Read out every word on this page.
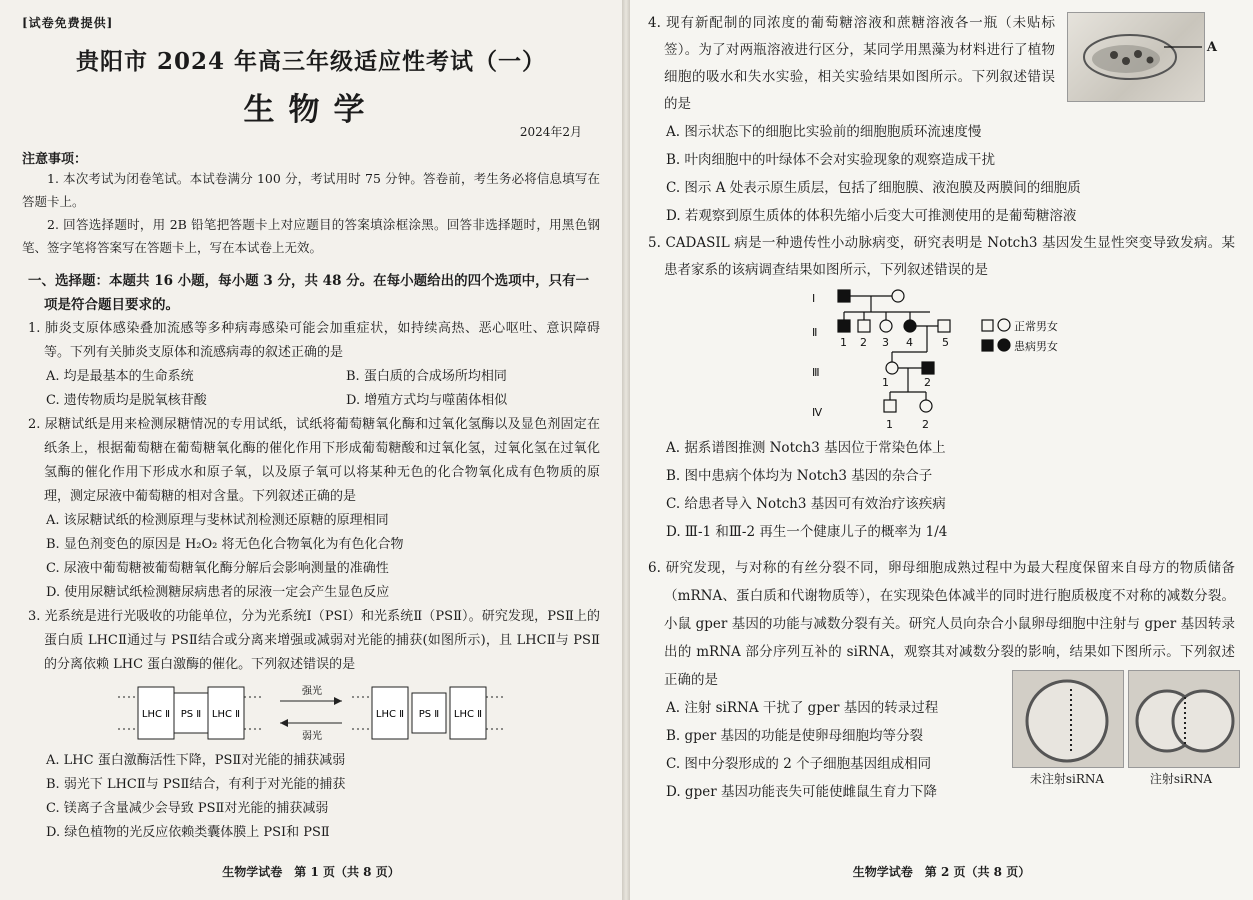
[试卷免费提供]
贵阳市 2024 年高三年级适应性考试（一）
生物学
2024年2月
注意事项：

1. 本次考试为闭卷笔试。本试卷满分 100 分，考试用时 75 分钟。答卷前，考生务必将信息填写在答题卡上。

2. 回答选择题时，用 2B 铅笔把答题卡上对应题目的答案填涂框涂黑。回答非选择题时，用黑色钢笔、签字笔将答案写在答题卡上，写在本试卷上无效。

一、选择题：本题共 16 小题，每小题 3 分，共 48 分。在每小题给出的四个选项中，只有一项是符合题目要求的。

1. 肺炎支原体感染叠加流感等多种病毒感染可能会加重症状，如持续高热、恶心呕吐、意识障碍等。下列有关肺炎支原体和流感病毒的叙述正确的是

A. 均是最基本的生命系统	B. 蛋白质的合成场所均相同
C. 遗传物质均是脱氧核苷酸	D. 增殖方式均与噬菌体相似

2. 尿糖试纸是用来检测尿糖情况的专用试纸，试纸将葡萄糖氧化酶和过氧化氢酶以及显色剂固定在纸条上，根据葡萄糖在葡萄糖氧化酶的催化作用下形成葡萄糖酸和过氧化氢，过氧化氢在过氧化氢酶的催化作用下形成水和原子氧，以及原子氧可以将某种无色的化合物氧化成有色物质的原理，测定尿液中葡萄糖的相对含量。下列叙述正确的是

A. 该尿糖试纸的检测原理与斐林试剂检测还原糖的原理相同

B. 显色剂变色的原因是 H₂O₂ 将无色化合物氧化为有色化合物

C. 尿液中葡萄糖被葡萄糖氧化酶分解后会影响测量的准确性

D. 使用尿糖试纸检测糖尿病患者的尿液一定会产生显色反应

3. 光系统是进行光吸收的功能单位，分为光系统Ⅰ（PSⅠ）和光系统Ⅱ（PSⅡ）。研究发现，PSⅡ上的蛋白质 LHCⅡ通过与 PSⅡ结合或分离来增强或减弱对光能的捕获(如图所示)，且 LHCⅡ与 PSⅡ的分离依赖 LHC 蛋白激酶的催化。下列叙述错误的是

LHC Ⅱ PS Ⅱ LHC Ⅱ
强光
弱光
LHC Ⅱ PS Ⅱ LHC Ⅱ

A. LHC 蛋白激酶活性下降，PSⅡ对光能的捕获减弱

B. 弱光下 LHCⅡ与 PSⅡ结合，有利于对光能的捕获

C. 镁离子含量减少会导致 PSⅡ对光能的捕获减弱

D. 绿色植物的光反应依赖类囊体膜上 PSⅠ和 PSⅡ

生物学试卷　第 1 页（共 8 页）
A

4. 现有新配制的同浓度的葡萄糖溶液和蔗糖溶液各一瓶（未贴标签）。为了对两瓶溶液进行区分，某同学用黑藻为材料进行了植物细胞的吸水和失水实验，相关实验结果如图所示。下列叙述错误的是

A. 图示状态下的细胞比实验前的细胞胞质环流速度慢

B. 叶肉细胞中的叶绿体不会对实验现象的观察造成干扰

C. 图示 A 处表示原生质层，包括了细胞膜、液泡膜及两膜间的细胞质

D. 若观察到原生质体的体积先缩小后变大可推测使用的是葡萄糖溶液

5. CADASIL 病是一种遗传性小动脉病变，研究表明是 Notch3 基因发生显性突变导致发病。某患者家系的该病调查结果如图所示，下列叙述错误的是

Ⅰ
Ⅱ
Ⅲ
Ⅳ
1 2 3 4	5
1	2
1	2
正常男女
患病男女

A. 据系谱图推测 Notch3 基因位于常染色体上

B. 图中患病个体均为 Notch3 基因的杂合子

C. 给患者导入 Notch3 基因可有效治疗该疾病

D. Ⅲ-1 和Ⅲ-2 再生一个健康儿子的概率为 1/4

6. 研究发现，与对称的有丝分裂不同，卵母细胞成熟过程中为最大程度保留来自母方的物质储备（mRNA、蛋白质和代谢物质等），在实现染色体减半的同时进行胞质极度不对称的减数分裂。小鼠 gper 基因的功能与减数分裂有关。研究人员向杂合小鼠卵母细胞中注射与 gper 基因转录出的 mRNA 部分序列互补的 siRNA，观察其对减数分裂的影响，结果如下图所示。下列叙述正确的是

A. 注射 siRNA 干扰了 gper 基因的转录过程

B. gper 基因的功能是使卵母细胞均等分裂

C. 图中分裂形成的 2 个子细胞基因组成相同

D. gper 基因功能丧失可能使雌鼠生育力下降

未注射siRNA	注射siRNA
生物学试卷　第 2 页（共 8 页）
